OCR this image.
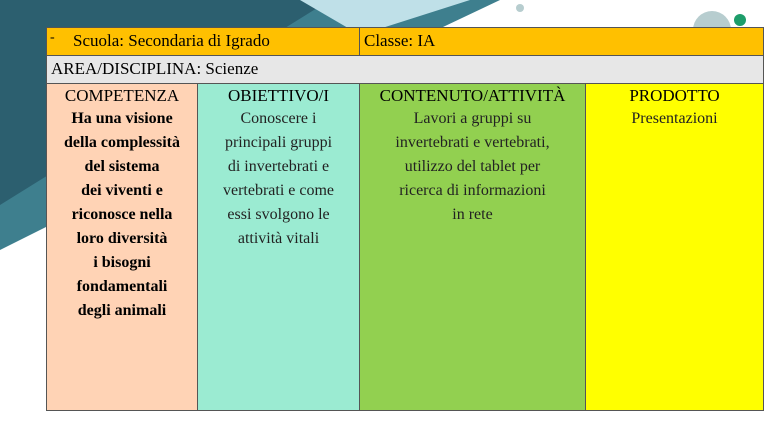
- Scuola: Secondaria di Igrado	Classe: IA
AREA/DISCIPLINA: Scienze
COMPETENZA
Ha una visione
della complessità
del sistema
dei viventi e
riconosce nella
loro diversità
i bisogni
fondamentali
degli animali
OBIETTIVO/I
Conoscere i
principali gruppi
di invertebrati e
vertebrati e come
essi svolgono le
attività vitali
CONTENUTO/ATTIVITÀ
Lavori a gruppi su
invertebrati e vertebrati,
utilizzo del tablet per
ricerca di informazioni
in rete
PRODOTTO
Presentazioni
